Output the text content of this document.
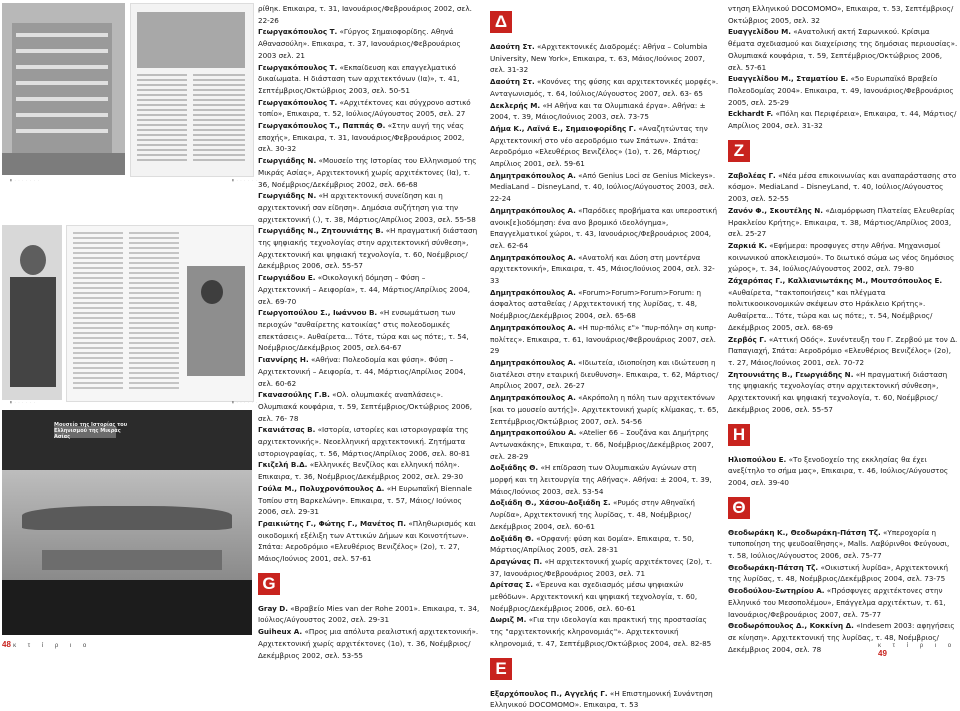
▮ · · · · · · ·	▮ · · · · · ·
▮ · · · · · ·	▮ · · · · · ·
Μουσείο της Ιστορίας του Ελληνισμού της Μικράς Ασίας

ρίθηκ. Επικαιρα, τ. 31, Ιανουάριος/Φεβρουάριος 2002, σελ. 22-26

Γεωργακόπουλος Τ. «Γύργος Σημαιοφορίδης. Αθηνά Αθανασούλη». Επικαιρα, τ. 37, Ιανουάριος/Φεβρουάριος 2003 σελ. 21

Γεωργακόπουλος Τ. «Εκπαίδευση και επαγγελματικό δικαίωμαta. Η διάσταση των αρχιτεκτόνων (Ια)», τ. 41, Σεπτέμβριος/Οκτώβριος 2003, σελ. 50-51

Γεωργακόπουλος Τ. «Αρχιτέκτονες και σύγχρονο αστικό τοπίο», Επικαιρα, τ. 52, Ιούλιος/Αύγουστος 2005, σελ. 27

Γεωργακόπουλος Τ., Παππάς Θ. «Στην αυγή της νέας εποχής», Επικαιρα, τ. 31, Ιανουάριος/Φεβρουάριος 2002, σελ. 30-32

Γεωργιάδης Ν. «Μουσείο της Ιστορίας του Ελληνισμού της Μικράς Ασίας», Αρχιτεκτονική χωρίς αρχιτέκτονες (Ια), τ. 36, Νοέμβριος/Δεκέμβριος 2002, σελ. 66-68

Γεωργιάδης Ν. «Η αρχιτεκτονική συνείδηση και η αρχιτεκτονική σαν είδηση». Δημόσια συζήτηση για την αρχιτεκτονική (.), τ. 38, Μάρτιος/Απρίλιος 2003, σελ. 55-58

Γεωργιάδης Ν., Ζητουνιάτης Β. «Η πραγματική διάσταση της ψηφιακής τεχνολογίας στην αρχιτεκτονική σύνθεση», Αρχιτεκτονική και ψηφιακή τεχνολογία, τ. 60, Νοέμβριος/Δεκέμβριος 2006, σελ. 55-57

Γεωργιάδου Ε. «Οικολογική δόμηση – Φύση – Αρχιτεκτονική – Αειφορία», τ. 44, Μάρτιος/Απρίλιος 2004, σελ. 69-70

Γεωργοπούλου Σ., Ιωάννου Β. «Η ενσωμάτωση των περιοχών "αυθαίρετης κατοικίας" στις πολεοδομικές επεκτάσεις». Αυθαίρετα... Τότε, τώρα και ως πότε;, τ. 54, Νοέμβριος/Δεκέμβριος 2005, σελ.64-67

Γιαννίρης Η. «Αθήνα: Πολεοδομία και φύση». Φύση – Αρχιτεκτονική – Αειφορία, τ. 44, Μάρτιος/Απρίλιος 2004, σελ. 60-62

Γκανασούλης Γ.Β. «Ολ. ολυμπιακές αναπλάσεις». Ολυμπιακά κουφάρια, τ. 59, Σεπτέμβριος/Οκτώβριος 2006, σελ. 76- 78

Γκανιάτσας Β. «Ιστορία, ιστορίες και ιστοριογραφία της αρχιτεκτονικής». Νεοελληνική αρχιτεκτονική. Ζητήματα ιστοριογραφίας, τ. 56, Μάρτιος/Απρίλιος 2006, σελ. 80-81

Γκιζελή Β.Δ. «Ελληνικές Βενζίλος και ελληνική πόλη». Επικαιρα, τ. 36, Νοέμβριος/Δεκέμβριος 2002, σελ. 29-30

Γούλα Μ., Πολυχρονόπουλος Δ. «Η Ευρωπαϊκή Biennale Τοπίου στη Βαρκελώνη». Επικαιρα, τ. 57, Μάιος/ Ιούνιος 2006, σελ. 29-31

Γραικιώτης Γ., Φώτης Γ., Μανέτος Π. «Πληθωρισμός και οικοδομική εξέλιξη των Αττικών Δήμων και Κοινοτήτων». Σπάτα: Αεροδρόμιο «Ελευθέριος Βενιζέλος» (2ο), τ. 27, Μάιος/Ιούνιος 2001, σελ. 57-61

G

Gray D. «Βραβείο Mies van der Rohe 2001». Επικαιρα, τ. 34, Ιούλιος/Αύγουστος 2002, σελ. 29-31

Guiheux A. «Προς μια απόλυτα ρεαλιστική αρχιτεκτονική». Αρχιτεκτονική χωρίς αρχιτέκτονες (1ο), τ. 36, Νοέμβριος/Δεκέμβριος 2002, σελ. 53-55

Δ

Δαούτη Στ. «Αρχιτεκτονικές Διαδρομές: Αθήνα – Columbia University, New York», Επικαιρα, τ. 63, Μάιος/Ιούνιος 2007, σελ. 31-32

Δαούτη Στ. «Κονόνες της φύσης και αρχιτεκτονικές μορφές». Ανταγωνισμός, τ. 64, Ιούλιος/Αύγουστος 2007, σελ. 63- 65

Δεκλερής Μ. «Η Αθήνα και τα Ολυμπιακά έργα». Αθήνα: ± 2004, τ. 39, Μάιος/Ιούνιος 2003, σελ. 73-75

Δήμα Κ., Λαϊνά Ε., Σημαιοφορίδης Γ. «Αναζητώντας την Αρχιτεκτονική στο νέο αεροδρόμιο των Σπάτων». Σπάτα: Αεροδρόμιο «Ελευθέριος Βενιζέλος» (1ο), τ. 26, Μάρτιος/Απρίλιος 2001, σελ. 59-61

Δημητρακόπουλος Α. «Από Genius Loci σε Genius Mickeys». MediaLand – DisneyLand, τ. 40, Ιούλιος/Αύγουστος 2003, σελ. 22-24

Δημητρακόπουλος Α. «Παρόδιες προβήματα και υπεροστική ανοικ[ε]ιοδόμηση: ένα ανο βρομικό ιδεολόγημα», Επαγγελματικοί χώροι, τ. 43, Ιανουάριος/Φεβρουάριος 2004, σελ. 62-64

Δημητρακόπουλος Α. «Ανατολή και Δύση στη μοντέρνα αρχιτεκτονική», Επικαιρα, τ. 45, Μάιος/Ιούνιος 2004, σελ. 32-33

Δημητρακόπουλος Α. «Forum>Forum>Forum>Forum: η άσφαλτος ασταθείας / Αρχιτεκτονική της λυρίδας, τ. 48, Νοέμβριος/Δεκέμβριος 2004, σελ. 65-68

Δημητρακόπουλος Α. «Η πυρ-πόλις ε"» "πυρ-πόλη» ση κυπρ-πολίτες». Επικαιρα, τ. 61, Ιανουάριος/Φεβρουάριος 2007, σελ. 29

Δημητρακόπουλος Α. «Ιδιωτεία, ιδιοποίηση και ιδιώτευση η διατέλεσι στην εταιρική διευθυνση». Επικαιρα, τ. 62, Μάρτιος/Απρίλιος 2007, σελ. 26-27

Δημητρακόπουλος Α. «Ακρόπολη η πόλη των αρχιτεκτόνων [και το μουσείο αυτής]». Αρχιτεκτονική χωρίς κλίμακας, τ. 65, Σεπτέμβριος/Οκτώβριος 2007, σελ. 54-56

Δημητρακοπούλου Α. «Atelier 66 – Σουζάνα και Δημήτρης Αντωνακάκης», Επικαιρα, τ. 66, Νοέμβριος/Δεκέμβριος 2007, σελ. 28-29

Δοξιάδης Θ. «Η επίδραση των Ολυμπιακών Αγώνων στη μορφή και τη λειτουργία της Αθήνας». Αθήνα: ± 2004, τ. 39, Μάιος/Ιούνιος 2003, σελ. 53-54

Δοξιάδη Θ., Χάσου-Δοξιάδη Σ. «Ρυμός στην Αθηναϊκή Λυρίδα», Αρχιτεκτονική της λυρίδας, τ. 48, Νοέμβριος/Δεκέμβριος 2004, σελ. 60-61

Δοξιάδη Θ. «Ορφανή: φύση και δομία». Επικαιρα, τ. 50, Μάρτιος/Απρίλιος 2005, σελ. 28-31

Δραγώνας Π. «Η αρχιτεκτονική χωρίς αρχιτέκτονες (2ο), τ. 37, Ιανουάριος/Φεβρουάριος 2003, σελ. 71

Δρίτσας Σ. «Έρευνα και σχεδιασμός μέσω ψηφιακών μεθόδων». Αρχιτεκτονική και ψηφιακή τεχνολογία, τ. 60, Νοέμβριος/Δεκέμβριος 2006, σελ. 60-61

Δωριζ Μ. «Για την ιδεολογία και πρακτική της προστασίας της "αρχιτεκτονικής κληρονομιάς"». Αρχιτεκτονική κληρονομιά, τ. 47, Σεπτέμβριος/Οκτώβριος 2004, σελ. 82-85

E

Εξαρχόπουλος Π., Αγγελής Γ. «Η Επιστημονική Συνάντηση Ελληνικού DOCOMOMO». Επικαιρα, τ. 53

ντηση Ελληνικού DOCOMOMO», Επικαιρα, τ. 53, Σεπτέμβριος/Οκτώβριος 2005, σελ. 32

Ευαγγελίδου Μ. «Ανατολική ακτή Σαρωνικού. Κρίσιμα θέματα σχεδιασμού και διαχείρισης της δημόσιας περιουσίας». Ολυμπιακά κουφάρια, τ. 59, Σεπτέμβριος/Οκτώβριος 2006, σελ. 57-61

Ευαγγελίδου Μ., Σταματίου Ε. «5ο Ευρωπαϊκό Βραβείο Πολεοδομίας 2004». Επικαιρα, τ. 49, Ιανουάριος/Φεβρουάριος 2005, σελ. 25-29

Eckhardt F. «Πόλη και Περιφέρεια», Επικαιρα, τ. 44, Μάρτιος/Απρίλιος 2004, σελ. 31-32

Z

Ζαβολέας Γ. «Νέα μέσα επικοινωνίας και αναπαράστασης στο κόσμο». MediaLand – DisneyLand, τ. 40, Ιούλιος/Αύγουστος 2003, σελ. 52-55

Ζανόν Φ., Σκουτέλης Ν. «Διαμόρφωση Πλατείας Ελευθερίας Ηρακλείου Κρήτης». Επικαιρα, τ. 38, Μάρτιος/Απρίλιος 2003, σελ. 25-27

Ζαρκιά Κ. «Εφήμερα: προσφυγες στην Αθήνα. Μηχανισμοί κοινωνικού αποκλεισμού». Το διωτικό σώμα ως νέος δημόσιος χώρος», τ. 34, Ιούλιος/Αύγουστος 2002, σελ. 79-80

Ζάχαρόπας Γ., Καλλιανιωτάκης Μ., Μουτσόπουλος Ε. «Αυθαίρετα, "τακτοποιήσεις" και πλέγματα πολιτικοοικονομικών σκέψεων στο Ηράκλειο Κρήτης». Αυθαίρετα... Τότε, τώρα και ως πότε;, τ. 54, Νοέμβριος/Δεκέμβριος 2005, σελ. 68-69

Ζερβός Γ. «Αττική Οδός». Συνέντευξη του Γ. Ζερβού με τον Δ. Παπαγιαχή, Σπάτα: Αεροδρόμιο «Ελευθέριος Βενιζέλος» (2ο), τ. 27, Μάιος/Ιούνιος 2001, σελ. 70-72

Ζητουνιάτης Β., Γεωργιάδης Ν. «Η πραγματική διάσταση της ψηφιακής τεχνολογίας στην αρχιτεκτονική σύνθεση», Αρχιτεκτονική και ψηφιακή τεχνολογία, τ. 60, Νοέμβριος/Δεκέμβριος 2006, σελ. 55-57

H

Ηλιοπούλου Ε. «Το ξενοδοχείο της εκκλησίας θα έχει ανεξίτηλο το σήμα μας», Επικαιρα, τ. 46, Ιούλιος/Αύγουστος 2004, σελ. 39-40

Θ

Θεοδωράκη Κ., Θεοδωράκη-Πάτση Τζ. «Υπεροχορία η τυποποίηση της ψευδοαίθησης», Malls. Λαβύρινθοι Φεύγουσι, τ. 58, Ιούλιος/Αύγουστος 2006, σελ. 75-77

Θεοδωράκη-Πάτση Τζ. «Οικιστική λυρίδα», Αρχιτεκτονική της λυρίδας, τ. 48, Νοέμβριος/Δεκέμβριος 2004, σελ. 73-75

Θεοδούλου-Σωτηρίου Α. «Πρόσφυγες αρχιτέκτονες στην Ελληνικό του Μεσοπολέμου», Επάγγελμα αρχιτέκτων, τ. 61, Ιανουάριος/Φεβρουάριος 2007, σελ. 75-77

Θεοδωρόπουλος Δ., Κοκκίνη Δ. «Indesem 2003: αφηγήσεις σε κίνηση». Αρχιτεκτονική της λυρίδας, τ. 48, Νοέμβριος/Δεκέμβριος 2004, σελ. 78

48 κ τ ί ρ ι ο	κ τ ί ρ ι ο 49
